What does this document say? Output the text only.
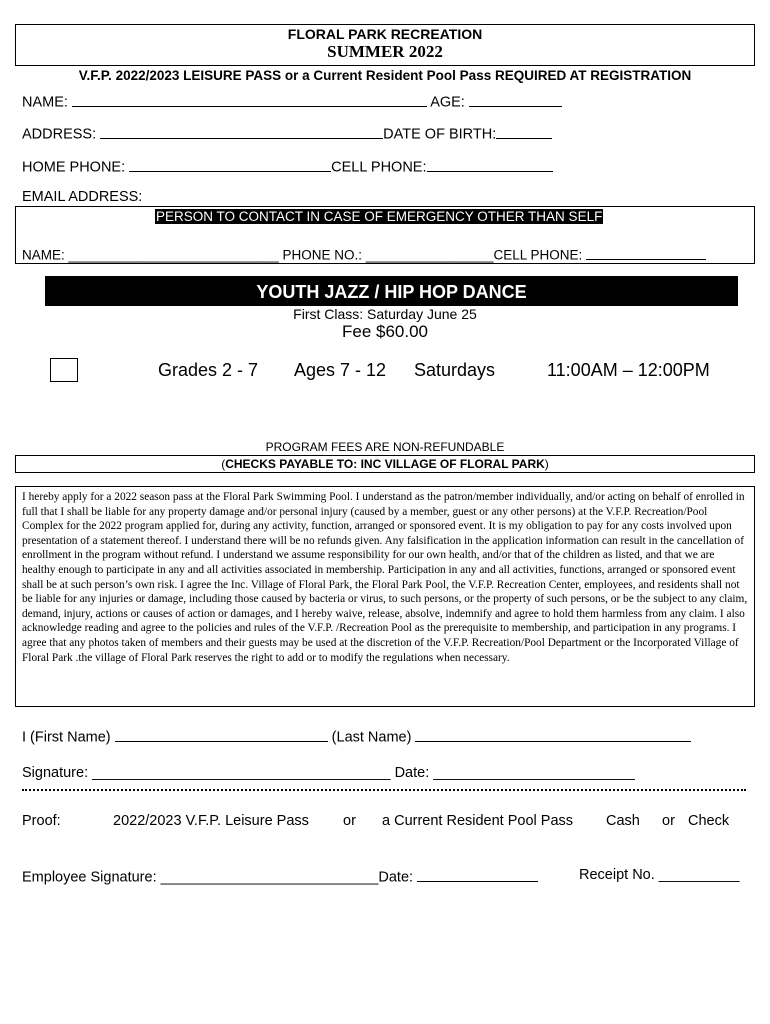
FLORAL PARK RECREATION
SUMMER 2022
V.F.P. 2022/2023 LEISURE PASS or a Current Resident Pool Pass REQUIRED AT REGISTRATION
NAME:	AGE:
ADDRESS:	DATE OF BIRTH:
HOME PHONE:	CELL PHONE:
EMAIL ADDRESS:
PERSON TO CONTACT IN CASE OF EMERGENCY OTHER THAN SELF
NAME: ____________________________ PHONE NO.: _________________CELL PHONE:
YOUTH JAZZ / HIP HOP DANCE
First Class: Saturday June 25
Fee $60.00
Grades 2 - 7 Ages 7 - 12 Saturdays	11:00AM – 12:00PM
PROGRAM FEES ARE NON-REFUNDABLE
(CHECKS PAYABLE TO: INC VILLAGE OF FLORAL PARK)
I hereby apply for a 2022 season pass at the Floral Park Swimming Pool. I understand as the patron/member individually, and/or acting on behalf of enrolled in full that I shall be liable for any property damage and/or personal injury (caused by a member, guest or any other persons) at the V.F.P. Recreation/Pool Complex for the 2022 program applied for, during any activity, function, arranged or sponsored event. It is my obligation to pay for any costs involved upon presentation of a statement thereof. I understand there will be no refunds given. Any falsification in the application information can result in the cancellation of enrollment in the program without refund. I understand we assume responsibility for our own health, and/or that of the children as listed, and that we are healthy enough to participate in any and all activities associated in membership. Participation in any and all activities, functions, arranged or sponsored event shall be at such person’s own risk. I agree the Inc. Village of Floral Park, the Floral Park Pool, the V.F.P. Recreation Center, employees, and residents shall not be liable for any injuries or damage, including those caused by bacteria or virus, to such persons, or the property of such persons, or be the subject to any claim, demand, injury, actions or causes of action or damages, and I hereby waive, release, absolve, indemnify and agree to hold them harmless from any claim. I also acknowledge reading and agree to the policies and rules of the V.F.P. /Recreation Pool as the prerequisite to membership, and participation in any programs. I agree that any photos taken of members and their guests may be used at the discretion of the V.F.P. Recreation/Pool Department or the Incorporated Village of Floral Park .the village of Floral Park reserves the right to add or to modify the regulations when necessary.
I (First Name)	(Last Name)
Signature: _____________________________________ Date: _________________________
Proof:	2022/2023 V.F.P. Leisure Pass or a Current Resident Pool Pass Cash or Check
Employee Signature: ___________________________Date:	Receipt No. __________
